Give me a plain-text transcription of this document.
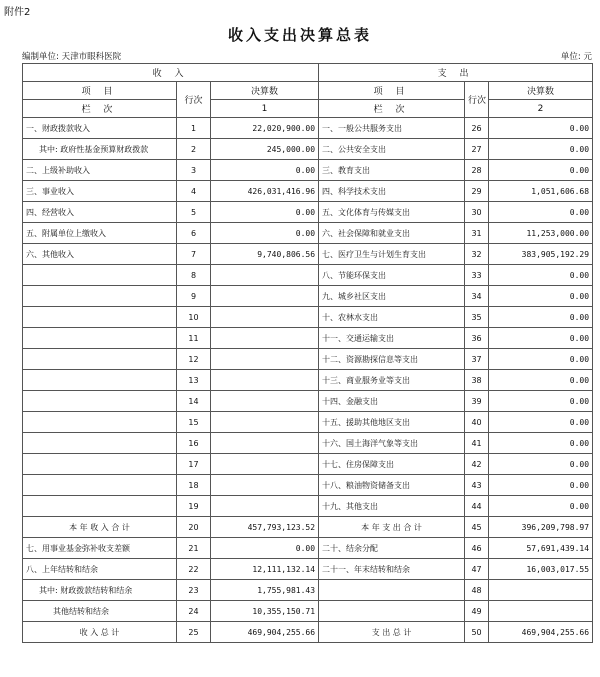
附件2
收入支出决算总表
编制单位: 天津市眼科医院	单位: 元
收 入			支 出		
项 目	行次	决算数	项 目	行次	决算数
栏 次		1	栏 次		2
一、财政拨款收入	1	22,020,900.00	一、一般公共服务支出	26	0.00
其中: 政府性基金预算财政拨款	2	245,000.00	二、公共安全支出	27	0.00
二、上级补助收入	3	0.00	三、教育支出	28	0.00
三、事业收入	4	426,031,416.96	四、科学技术支出	29	1,051,606.68
四、经营收入	5	0.00	五、文化体育与传媒支出	30	0.00
五、附属单位上缴收入	6	0.00	六、社会保障和就业支出	31	11,253,000.00
六、其他收入	7	9,740,806.56	七、医疗卫生与计划生育支出	32	383,905,192.29
	8		八、节能环保支出	33	0.00
	9		九、城乡社区支出	34	0.00
	10		十、农林水支出	35	0.00
	11		十一、交通运输支出	36	0.00
	12		十二、资源勘探信息等支出	37	0.00
	13		十三、商业服务业等支出	38	0.00
	14		十四、金融支出	39	0.00
	15		十五、援助其他地区支出	40	0.00
	16		十六、国土海洋气象等支出	41	0.00
	17		十七、住房保障支出	42	0.00
	18		十八、粮油物资储备支出	43	0.00
	19		十九、其他支出	44	0.00
本 年 收 入 合 计	20	457,793,123.52	本 年 支 出 合 计	45	396,209,798.97
七、用事业基金弥补收支差额	21	0.00	二十、结余分配	46	57,691,439.14
八、上年结转和结余	22	12,111,132.14	二十一、年末结转和结余	47	16,003,017.55
其中: 财政拨款结转和结余	23	1,755,981.43		48	
其他结转和结余	24	10,355,150.71		49	
收 入 总 计	25	469,904,255.66	支 出 总 计	50	469,904,255.66
